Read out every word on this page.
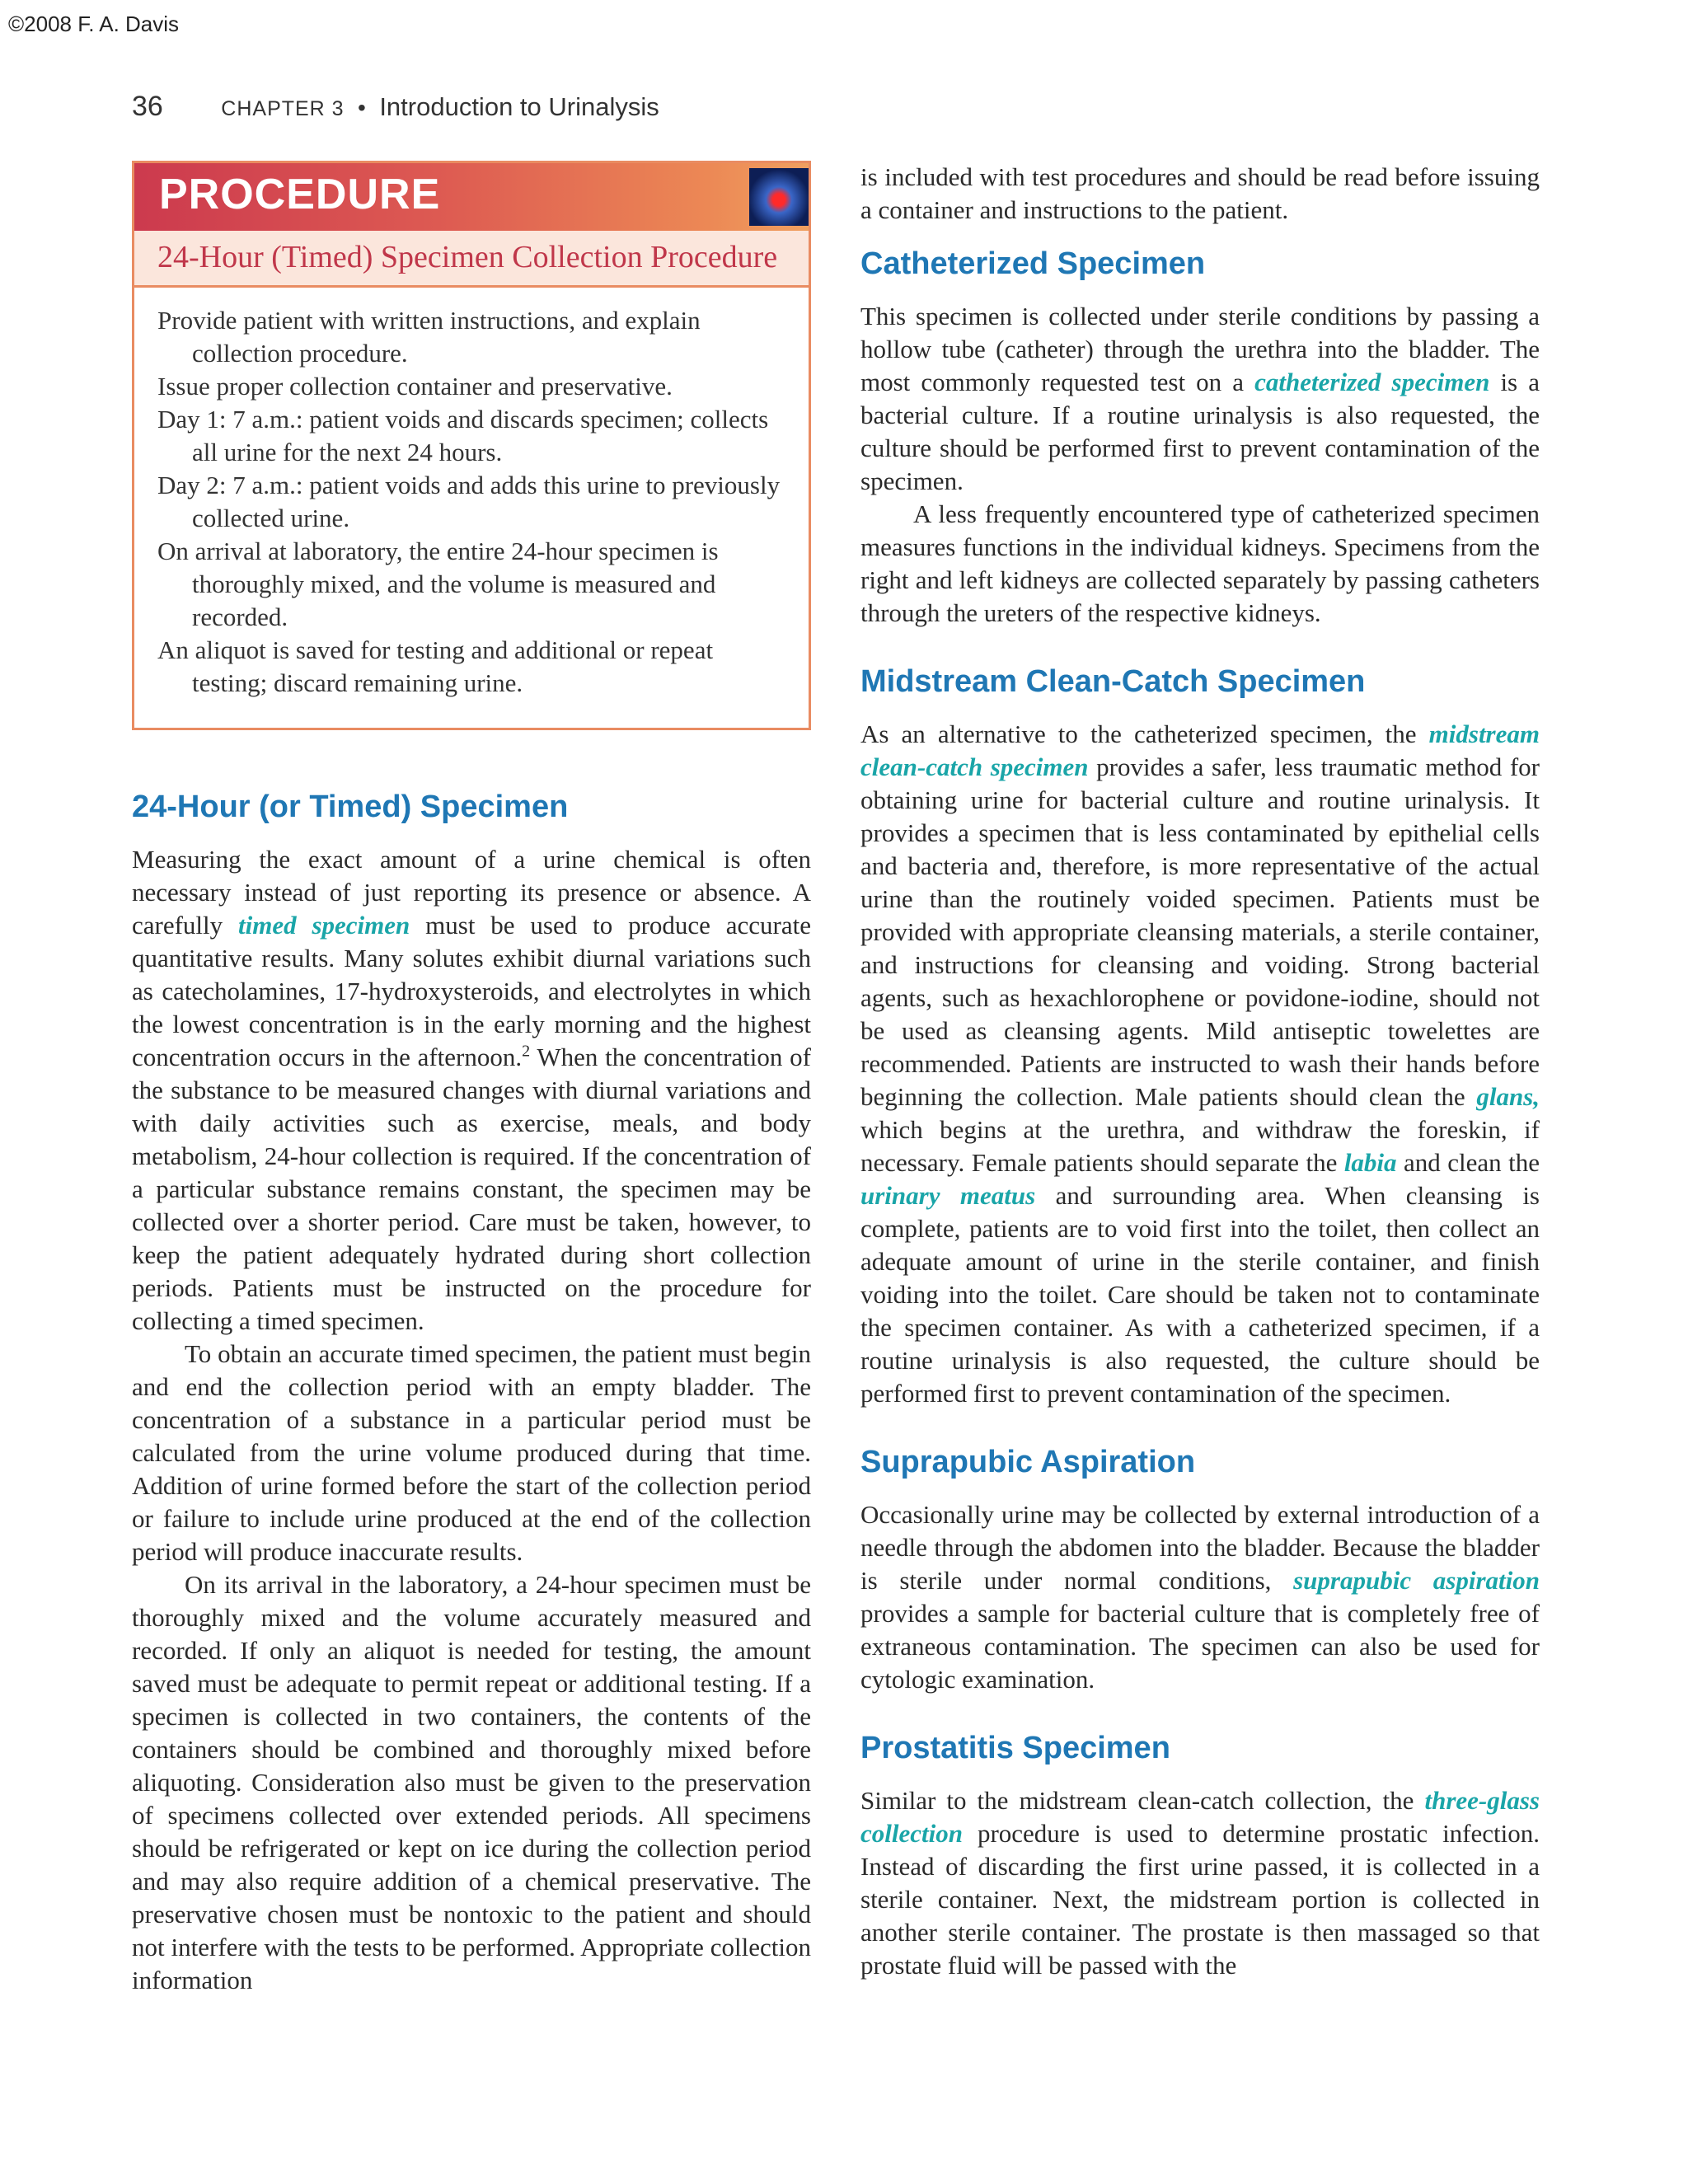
©2008 F. A. Davis
36	CHAPTER 3 • Introduction to Urinalysis
PROCEDURE
24-Hour (Timed) Specimen Collection Procedure

Provide patient with written instructions, and explain collection procedure.

Issue proper collection container and preservative.

Day 1: 7 a.m.: patient voids and discards specimen; collects all urine for the next 24 hours.

Day 2: 7 a.m.: patient voids and adds this urine to previously collected urine.

On arrival at laboratory, the entire 24-hour specimen is thoroughly mixed, and the volume is measured and recorded.

An aliquot is saved for testing and additional or repeat testing; discard remaining urine.

24-Hour (or Timed) Specimen

Measuring the exact amount of a urine chemical is often necessary instead of just reporting its presence or absence. A carefully timed specimen must be used to produce accurate quantitative results. Many solutes exhibit diurnal variations such as catecholamines, 17-hydroxysteroids, and electrolytes in which the lowest concentration is in the early morning and the highest concentration occurs in the afternoon.$^2$ When the concentration of the substance to be measured changes with diurnal variations and with daily activities such as exercise, meals, and body metabolism, 24-hour collection is required. If the concentration of a particular substance remains constant, the specimen may be collected over a shorter period. Care must be taken, however, to keep the patient adequately hydrated during short collection periods. Patients must be instructed on the procedure for collecting a timed specimen.

To obtain an accurate timed specimen, the patient must begin and end the collection period with an empty bladder. The concentration of a substance in a particular period must be calculated from the urine volume produced during that time. Addition of urine formed before the start of the collection period or failure to include urine produced at the end of the collection period will produce inaccurate results.

On its arrival in the laboratory, a 24-hour specimen must be thoroughly mixed and the volume accurately measured and recorded. If only an aliquot is needed for testing, the amount saved must be adequate to permit repeat or additional testing. If a specimen is collected in two containers, the contents of the containers should be combined and thoroughly mixed before aliquoting. Consideration also must be given to the preservation of specimens collected over extended periods. All specimens should be refrigerated or kept on ice during the collection period and may also require addition of a chemical preservative. The preservative chosen must be nontoxic to the patient and should not interfere with the tests to be performed. Appropriate collection information

is included with test procedures and should be read before issuing a container and instructions to the patient.

Catheterized Specimen

This specimen is collected under sterile conditions by passing a hollow tube (catheter) through the urethra into the bladder. The most commonly requested test on a catheterized specimen is a bacterial culture. If a routine urinalysis is also requested, the culture should be performed first to prevent contamination of the specimen.

A less frequently encountered type of catheterized specimen measures functions in the individual kidneys. Specimens from the right and left kidneys are collected separately by passing catheters through the ureters of the respective kidneys.

Midstream Clean-Catch Specimen

As an alternative to the catheterized specimen, the midstream clean-catch specimen provides a safer, less traumatic method for obtaining urine for bacterial culture and routine urinalysis. It provides a specimen that is less contaminated by epithelial cells and bacteria and, therefore, is more representative of the actual urine than the routinely voided specimen. Patients must be provided with appropriate cleansing materials, a sterile container, and instructions for cleansing and voiding. Strong bacterial agents, such as hexachlorophene or povidone-iodine, should not be used as cleansing agents. Mild antiseptic towelettes are recommended. Patients are instructed to wash their hands before beginning the collection. Male patients should clean the glans, which begins at the urethra, and withdraw the foreskin, if necessary. Female patients should separate the labia and clean the urinary meatus and surrounding area. When cleansing is complete, patients are to void first into the toilet, then collect an adequate amount of urine in the sterile container, and finish voiding into the toilet. Care should be taken not to contaminate the specimen container. As with a catheterized specimen, if a routine urinalysis is also requested, the culture should be performed first to prevent contamination of the specimen.

Suprapubic Aspiration

Occasionally urine may be collected by external introduction of a needle through the abdomen into the bladder. Because the bladder is sterile under normal conditions, suprapubic aspiration provides a sample for bacterial culture that is completely free of extraneous contamination. The specimen can also be used for cytologic examination.

Prostatitis Specimen

Similar to the midstream clean-catch collection, the three-glass collection procedure is used to determine prostatic infection. Instead of discarding the first urine passed, it is collected in a sterile container. Next, the midstream portion is collected in another sterile container. The prostate is then massaged so that prostate fluid will be passed with the
